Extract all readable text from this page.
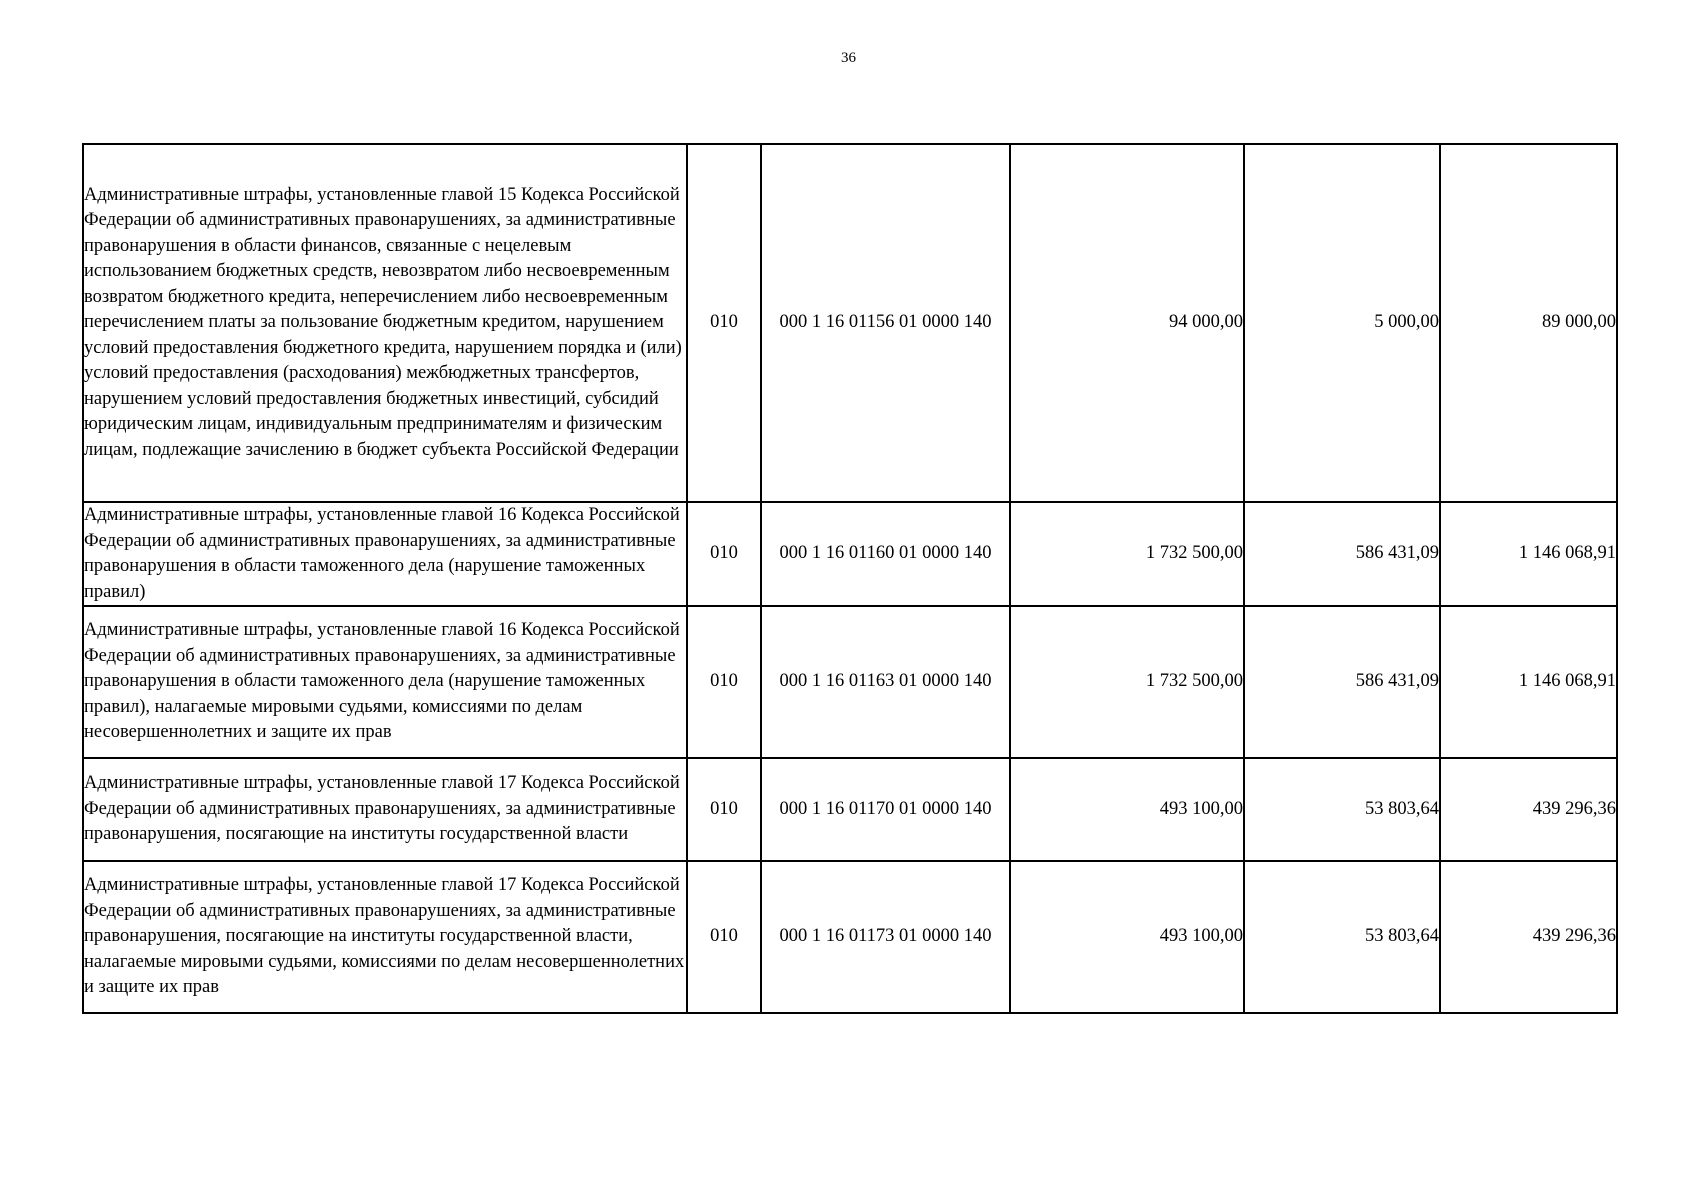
36
Административные штрафы, установленные главой 15 Кодекса Российской Федерации об административных правонарушениях, за административные правонарушения в области финансов, связанные с нецелевым использованием бюджетных средств, невозвратом либо несвоевременным возвратом бюджетного кредита, неперечислением либо несвоевременным перечислением платы за пользование бюджетным кредитом, нарушением условий предоставления бюджетного кредита, нарушением порядка и (или) условий предоставления (расходования) межбюджетных трансфертов, нарушением условий предоставления бюджетных инвестиций, субсидий юридическим лицам, индивидуальным предпринимателям и физическим лицам, подлежащие зачислению в бюджет субъекта Российской Федерации	010	000 1 16 01156 01 0000 140	94 000,00	5 000,00	89 000,00
Административные штрафы, установленные главой 16 Кодекса Российской Федерации об административных правонарушениях, за административные правонарушения в области таможенного дела (нарушение таможенных правил)	010	000 1 16 01160 01 0000 140	1 732 500,00	586 431,09	1 146 068,91
Административные штрафы, установленные главой 16 Кодекса Российской Федерации об административных правонарушениях, за административные правонарушения в области таможенного дела (нарушение таможенных правил), налагаемые мировыми судьями, комиссиями по делам несовершеннолетних и защите их прав	010	000 1 16 01163 01 0000 140	1 732 500,00	586 431,09	1 146 068,91
Административные штрафы, установленные главой 17 Кодекса Российской Федерации об административных правонарушениях, за административные правонарушения, посягающие на институты государственной власти	010	000 1 16 01170 01 0000 140	493 100,00	53 803,64	439 296,36
Административные штрафы, установленные главой 17 Кодекса Российской Федерации об административных правонарушениях, за административные правонарушения, посягающие на институты государственной власти, налагаемые мировыми судьями, комиссиями по делам несовершеннолетних и защите их прав	010	000 1 16 01173 01 0000 140	493 100,00	53 803,64	439 296,36
